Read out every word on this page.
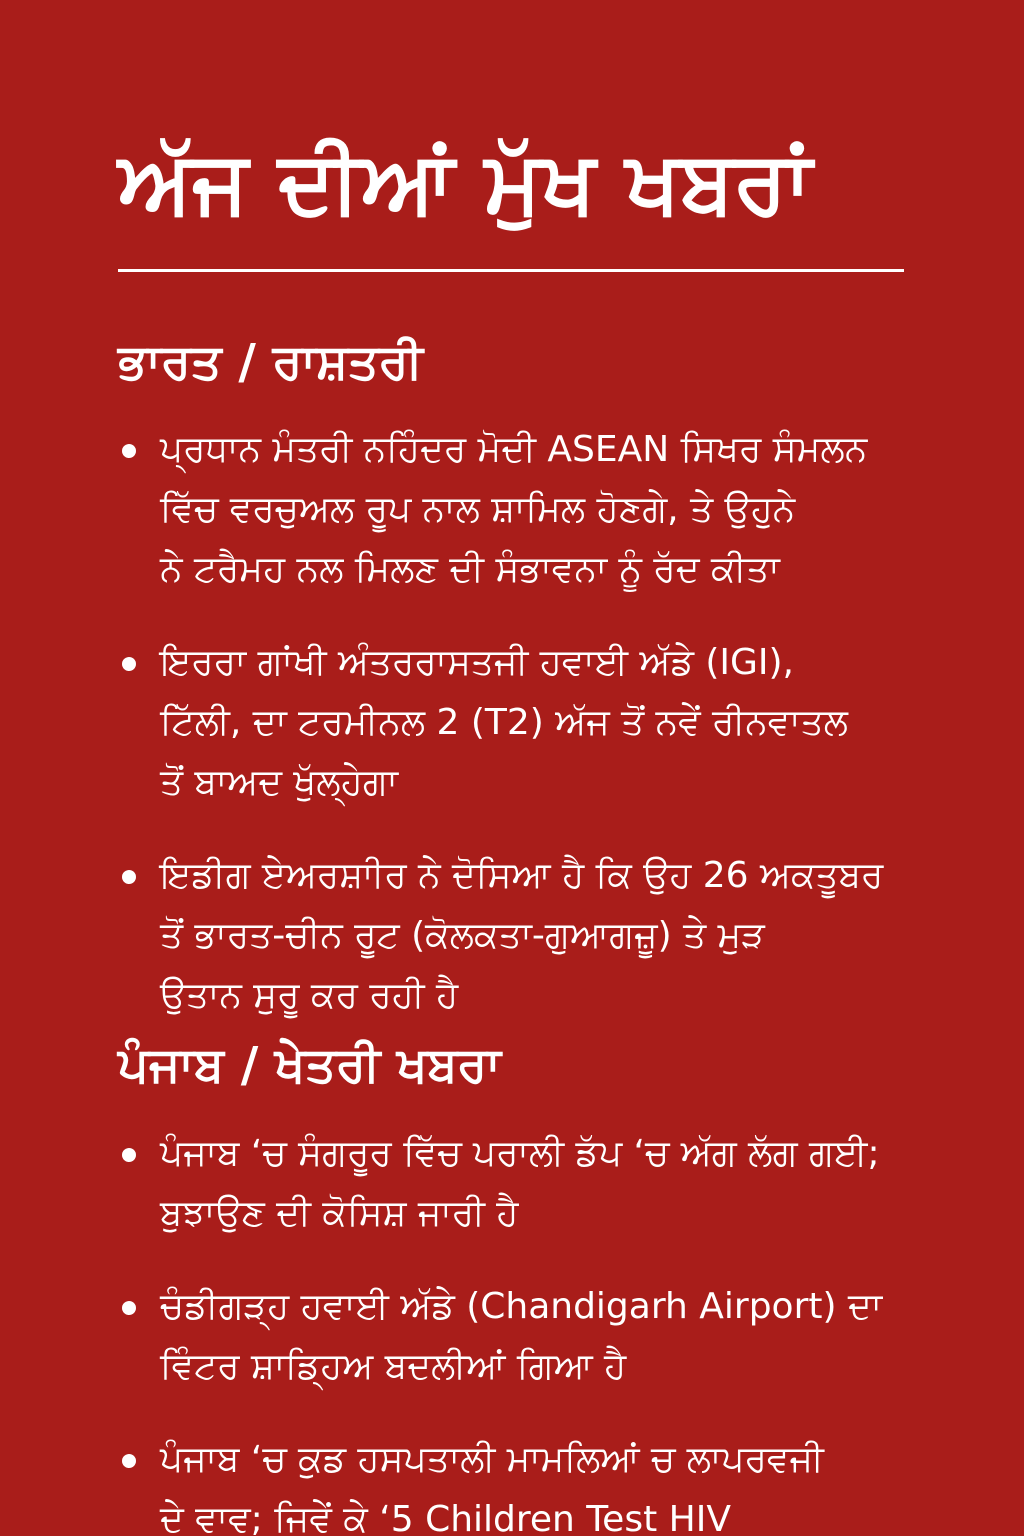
ਅੱਜ ਦੀਆਂ ਮੁੱਖ ਖਬਰਾਂ
ਭਾਰਤ / ਰਾਸ਼ਤਰੀ
ਪ੍ਰਧਾਨ ਮੰਤਰੀ ਨਹਿੰਦਰ ਮੋਦੀ ASEAN ਸਿਖਰ ਸੰਮਲਨ
ਵਿੱਚ ਵਰਚੁਅਲ ਰੂਪ ਨਾਲ ਸ਼ਾਮਿਲ ਹੋਣਗੇ, ਤੇ ਉਹੁਨੇ
ਨੇ ਟਰੈਮਹ ਨਲ ਮਿਲਣ ਦੀ ਸੰਭਾਵਨਾ ਨੂੰ ਰੱਦ ਕੀਤਾ
ਇਰਰਾ ਗਾਂਖੀ ਅੰਤਰਰਾਸਤਜੀ ਹਵਾਈ ਅੱਡੇ (IGI),
ਟਿੱਲੀ, ਦਾ ਟਰਮੀਨਲ 2 (T2) ਅੱਜ ਤੋਂ ਨਵੇਂ ਰੀਨਵਾਤਲ
ਤੋਂ ਬਾਅਦ ਖੁੱਲ੍ਹੇਗਾ
ਇਡੀਗ ਏਅਰਸ਼ਾੀਰ ਨੇ ਦੋਸਿਆ ਹੈ ਕਿ ਉਹ 26 ਅਕਤੂਬਰ
ਤੋਂ ਭਾਰਤ-ਚੀਨ ਰੂਟ (ਕੋਲਕਤਾ-ਗੁਆਗਜ਼ੂ) ਤੇ ਮੁੜ
ਉਤਾਨ ਸੁਰੂ ਕਰ ਰਹੀ ਹੈ
ਪੰਜਾਬ / ਖੇਤਰੀ ਖਬਰਾ
ਪੰਜਾਬ ‘ਚ ਸੰਗਰੂਰ ਵਿੱਚ ਪਰਾਲੀ ਡੱਪ ‘ਚ ਅੱਗ ਲੱਗ ਗਈ;
ਬੁਝਾਉਣ ਦੀ ਕੋਸਿਸ਼ ਜਾਰੀ ਹੈ
ਚੰਡੀਗੜ੍ਹ ਹਵਾਈ ਅੱਡੇ (Chandigarh Airport) ਦਾ
ਵਿੰਟਰ ਸ਼ਾਡ੍ਹਿਅ ਬਦਲੀਆਂ ਗਿਆ ਹੈ
ਪੰਜਾਬ ‘ਚ ਕੁਡ ਹਸਪਤਾਲੀ ਮਾਮਲਿਆਂ ਚ ਲਾਪਰਵਜੀ
ਦੇ ਵਾਵ; ਜਿਵੇਂ ਕੇ ‘5 Children Test HIV
